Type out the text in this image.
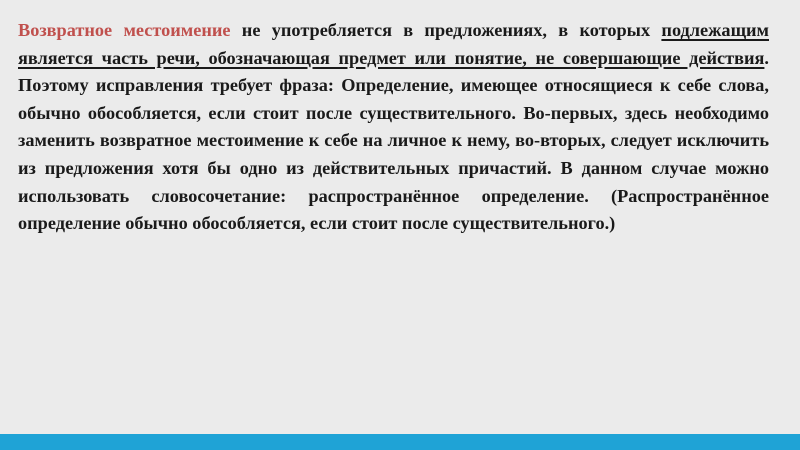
Возвратное местоимение не употребляется в предложениях, в которых подлежащим является часть речи, обозначающая предмет или понятие, не совершающие действия. Поэтому исправления требует фраза: Определение, имеющее относящиеся к себе слова, обычно обособляется, если стоит после существительного. Во-первых, здесь необходимо заменить возвратное местоимение к себе на личное к нему, во-вторых, следует исключить из предложения хотя бы одно из действительных причастий. В данном случае можно использовать словосочетание: распространённое определение. (Распространённое определение обычно обособляется, если стоит после существительного.)
